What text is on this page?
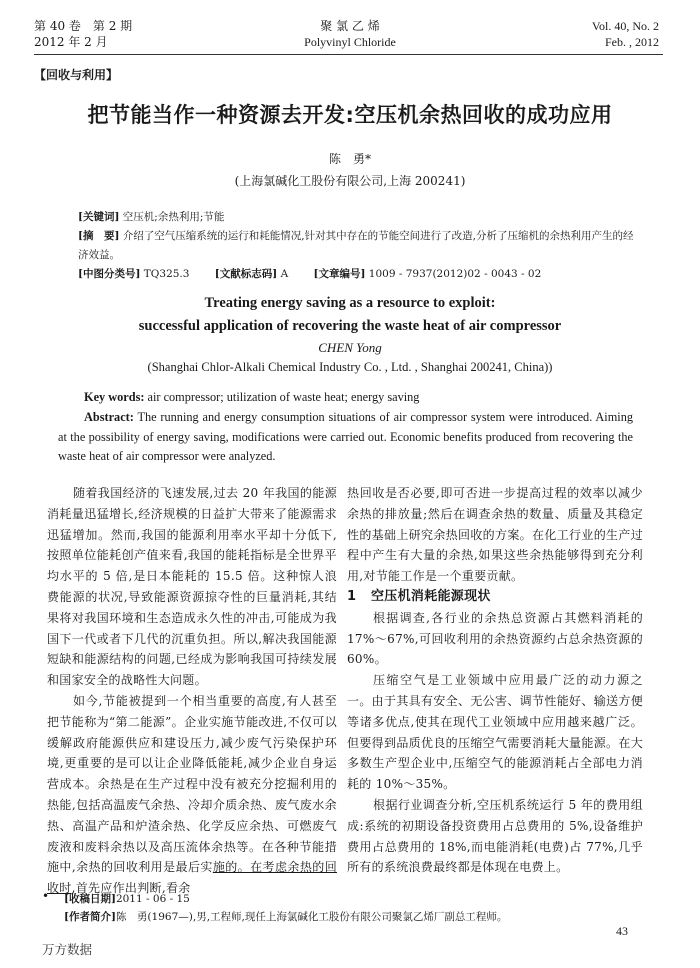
第 40 卷　第 2 期
2012 年 2 月
聚 氯 乙 烯
Polyvinyl Chloride
Vol. 40, No. 2
Feb. , 2012
【回收与利用】
把节能当作一种资源去开发:空压机余热回收的成功应用
陈　勇*
(上海氯碱化工股份有限公司,上海 200241)
[关键词] 空压机;余热利用;节能
[摘　要] 介绍了空气压缩系统的运行和耗能情况,针对其中存在的节能空间进行了改造,分析了压缩机的余热利用产生的经济效益。
[中图分类号] TQ325.3 [文献标志码] A [文章编号] 1009 - 7937(2012)02 - 0043 - 02
Treating energy saving as a resource to exploit:
successful application of recovering the waste heat of air compressor
CHEN Yong
(Shanghai Chlor-Alkali Chemical Industry Co. , Ltd. , Shanghai 200241, China))
Key words: air compressor; utilization of waste heat; energy saving
Abstract: The running and energy consumption situations of air compressor system were introduced. Aiming at the possibility of energy saving, modifications were carried out. Economic benefits produced from recovering the waste heat of air compressor were analyzed.

随着我国经济的飞速发展,过去 20 年我国的能源消耗量迅猛增长,经济规模的日益扩大带来了能源需求迅猛增加。然而,我国的能源利用率水平却十分低下,按照单位能耗创产值来看,我国的能耗指标是全世界平均水平的 5 倍,是日本能耗的 15.5 倍。这种惊人浪费能源的状况,导致能源资源掠夺性的巨量消耗,其结果将对我国环境和生态造成永久性的冲击,可能成为我国下一代或者下几代的沉重负担。所以,解决我国能源短缺和能源结构的问题,已经成为影响我国可持续发展和国家安全的战略性大问题。

如今,节能被提到一个相当重要的高度,有人甚至把节能称为“第二能源”。企业实施节能改进,不仅可以缓解政府能源供应和建设压力,减少废气污染保护环境,更重要的是可以让企业降低能耗,减少企业自身运营成本。余热是在生产过程中没有被充分挖掘利用的热能,包括高温废气余热、冷却介质余热、废气废水余热、高温产品和炉渣余热、化学反应余热、可燃废气废液和废料余热以及高压流体余热等。在各种节能措施中,余热的回收利用是最后实施的。在考虑余热的回收时,首先应作出判断,看余

热回收是否必要,即可否进一步提高过程的效率以减少余热的排放量;然后在调查余热的数量、质量及其稳定性的基础上研究余热回收的方案。在化工行业的生产过程中产生有大量的余热,如果这些余热能够得到充分利用,对节能工作是一个重要贡献。

1 空压机消耗能源现状

根据调查,各行业的余热总资源占其燃料消耗的 17%～67%,可回收利用的余热资源约占总余热资源的 60%。

压缩空气是工业领域中应用最广泛的动力源之一。由于其具有安全、无公害、调节性能好、输送方便等诸多优点,使其在现代工业领域中应用越来越广泛。但要得到品质优良的压缩空气需要消耗大量能源。在大多数生产型企业中,压缩空气的能源消耗占全部电力消耗的 10%～35%。

根据行业调查分析,空压机系统运行 5 年的费用组成:系统的初期设备投资费用占总费用的 5%,设备维护费用占总费用的 18%,而电能消耗(电费)占 77%,几乎所有的系统浪费最终都是体现在电费上。

• [收稿日期]2011 - 06 - 15
[作者简介]陈　勇(1967—),男,工程师,现任上海氯碱化工股份有限公司聚氯乙烯厂副总工程师。
43
万方数据
